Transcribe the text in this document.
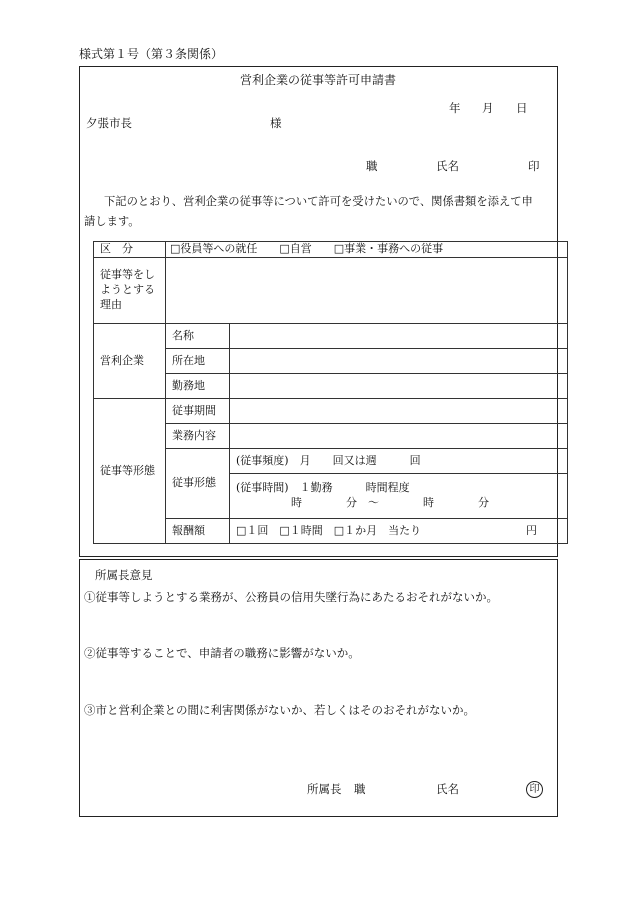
様式第１号（第３条関係）
営利企業の従事等許可申請書
年 月 日
夕張市長	様
職	氏名	印
下記のとおり、営利企業の従事等について許可を受けたいので、関係書類を添えて申
請します。
区　分	□役員等への就任　　□自営　　□事業・事務への従事	

従事等をし
ようとする
理由		

営利企業	名称	
	所在地	
	勤務地	
従事等形態	従事期間	
	業務内容	
	従事形態	(従事頻度)　月　　回又は週　　　回

		(従事時間)　１勤務　　　時間程度
時　　　　分　～　　　　時　　　　分

	報酬額	□１回　□１時間　□１か月　当たり 円
所属長意見
①従事等しようとする業務が、公務員の信用失墜行為にあたるおそれがないか。
②従事等することで、申請者の職務に影響がないか。
③市と営利企業との間に利害関係がないか、若しくはそのおそれがないか。
所属長 職	氏名	印
